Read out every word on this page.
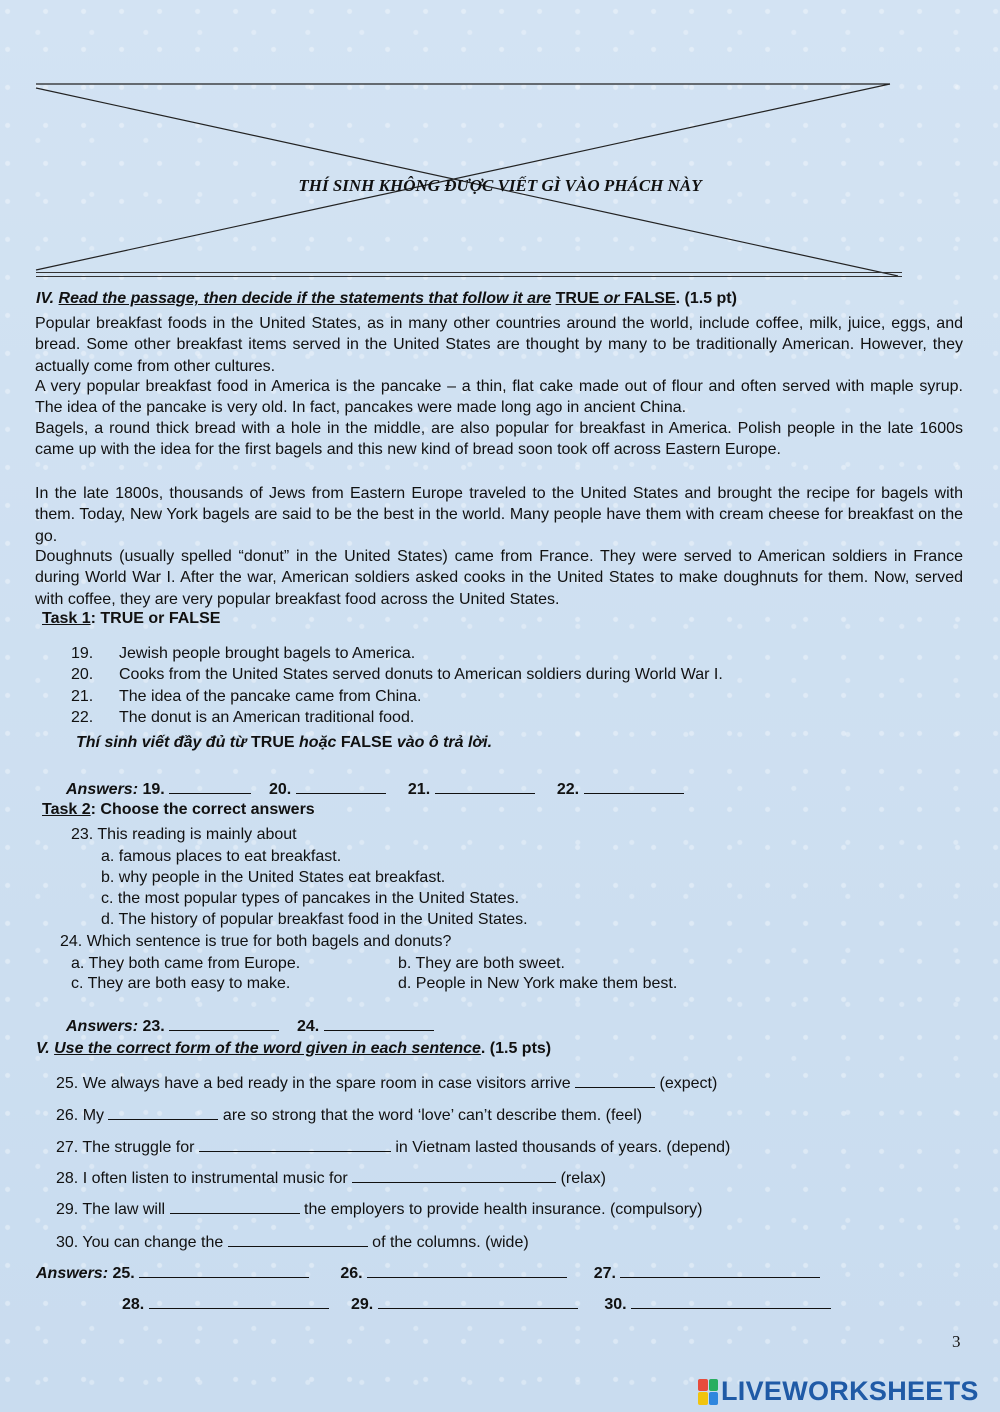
THÍ SINH KHÔNG ĐƯỢC VIẾT GÌ VÀO PHÁCH NÀY
IV. Read the passage, then decide if the statements that follow it are TRUE or FALSE. (1.5 pt)
Popular breakfast foods in the United States, as in many other countries around the world, include coffee, milk, juice, eggs, and bread. Some other breakfast items served in the United States are thought by many to be traditionally American. However, they actually come from other cultures.
A very popular breakfast food in America is the pancake – a thin, flat cake made out of flour and often served with maple syrup. The idea of the pancake is very old. In fact, pancakes were made long ago in ancient China.
Bagels, a round thick bread with a hole in the middle, are also popular for breakfast in America. Polish people in the late 1600s came up with the idea for the first bagels and this new kind of bread soon took off across Eastern Europe.
In the late 1800s, thousands of Jews from Eastern Europe traveled to the United States and brought the recipe for bagels with them. Today, New York bagels are said to be the best in the world. Many people have them with cream cheese for breakfast on the go.
Doughnuts (usually spelled “donut” in the United States) came from France. They were served to American soldiers in France during World War I. After the war, American soldiers asked cooks in the United States to make doughnuts for them. Now, served with coffee, they are very popular breakfast food across the United States.
Task 1: TRUE or FALSE
19. Jewish people brought bagels to America.
20. Cooks from the United States served donuts to American soldiers during World War I.
21. The idea of the pancake came from China.
22. The donut is an American traditional food.
Thí sinh viết đầy đủ từ TRUE hoặc FALSE vào ô trả lời.
Answers: 19.	20.	21.	22.
Task 2: Choose the correct answers
23. This reading is mainly about
a. famous places to eat breakfast.
b. why people in the United States eat breakfast.
c. the most popular types of pancakes in the United States.
d. The history of popular breakfast food in the United States.
24. Which sentence is true for both bagels and donuts?
a. They both came from Europe.	b. They are both sweet.
c. They are both easy to make.	d. People in New York make them best.
Answers: 23.	24.
V. Use the correct form of the word given in each sentence. (1.5 pts)
25. We always have a bed ready in the spare room in case visitors arrive	(expect)
26. My	are so strong that the word ‘love’ can’t describe them. (feel)
27. The struggle for	in Vietnam lasted thousands of years. (depend)
28. I often listen to instrumental music for	(relax)
29. The law will	the employers to provide health insurance. (compulsory)
30. You can change the	of the columns. (wide)
Answers: 25.	26.	27.
28.	29.	30.
3
LIVEWORKSHEETS
